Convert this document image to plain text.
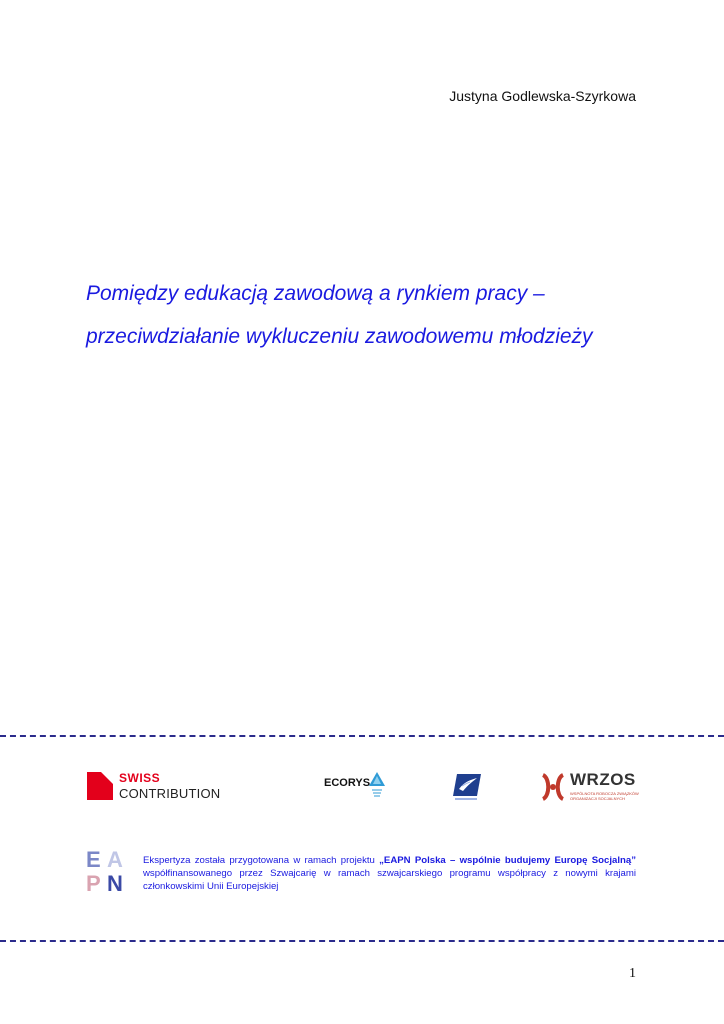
Justyna Godlewska-Szyrkowa
Pomiędzy edukacją zawodową a rynkiem pracy –
przeciwdziałanie wykluczeniu zawodowemu młodzieży
SWISS
CONTRIBUTION
ECORYS	WRZOS
WSPÓLNOTA ROBOCZA ZWIĄZKÓW ORGANIZACJI SOCJALNYCH
E A
P N
Ekspertyza została przygotowana w ramach projektu „EAPN Polska – wspólnie budujemy Europę Socjalną” współfinansowanego przez Szwajcarię w ramach szwajcarskiego programu współpracy z nowymi krajami członkowskimi Unii Europejskiej
1
